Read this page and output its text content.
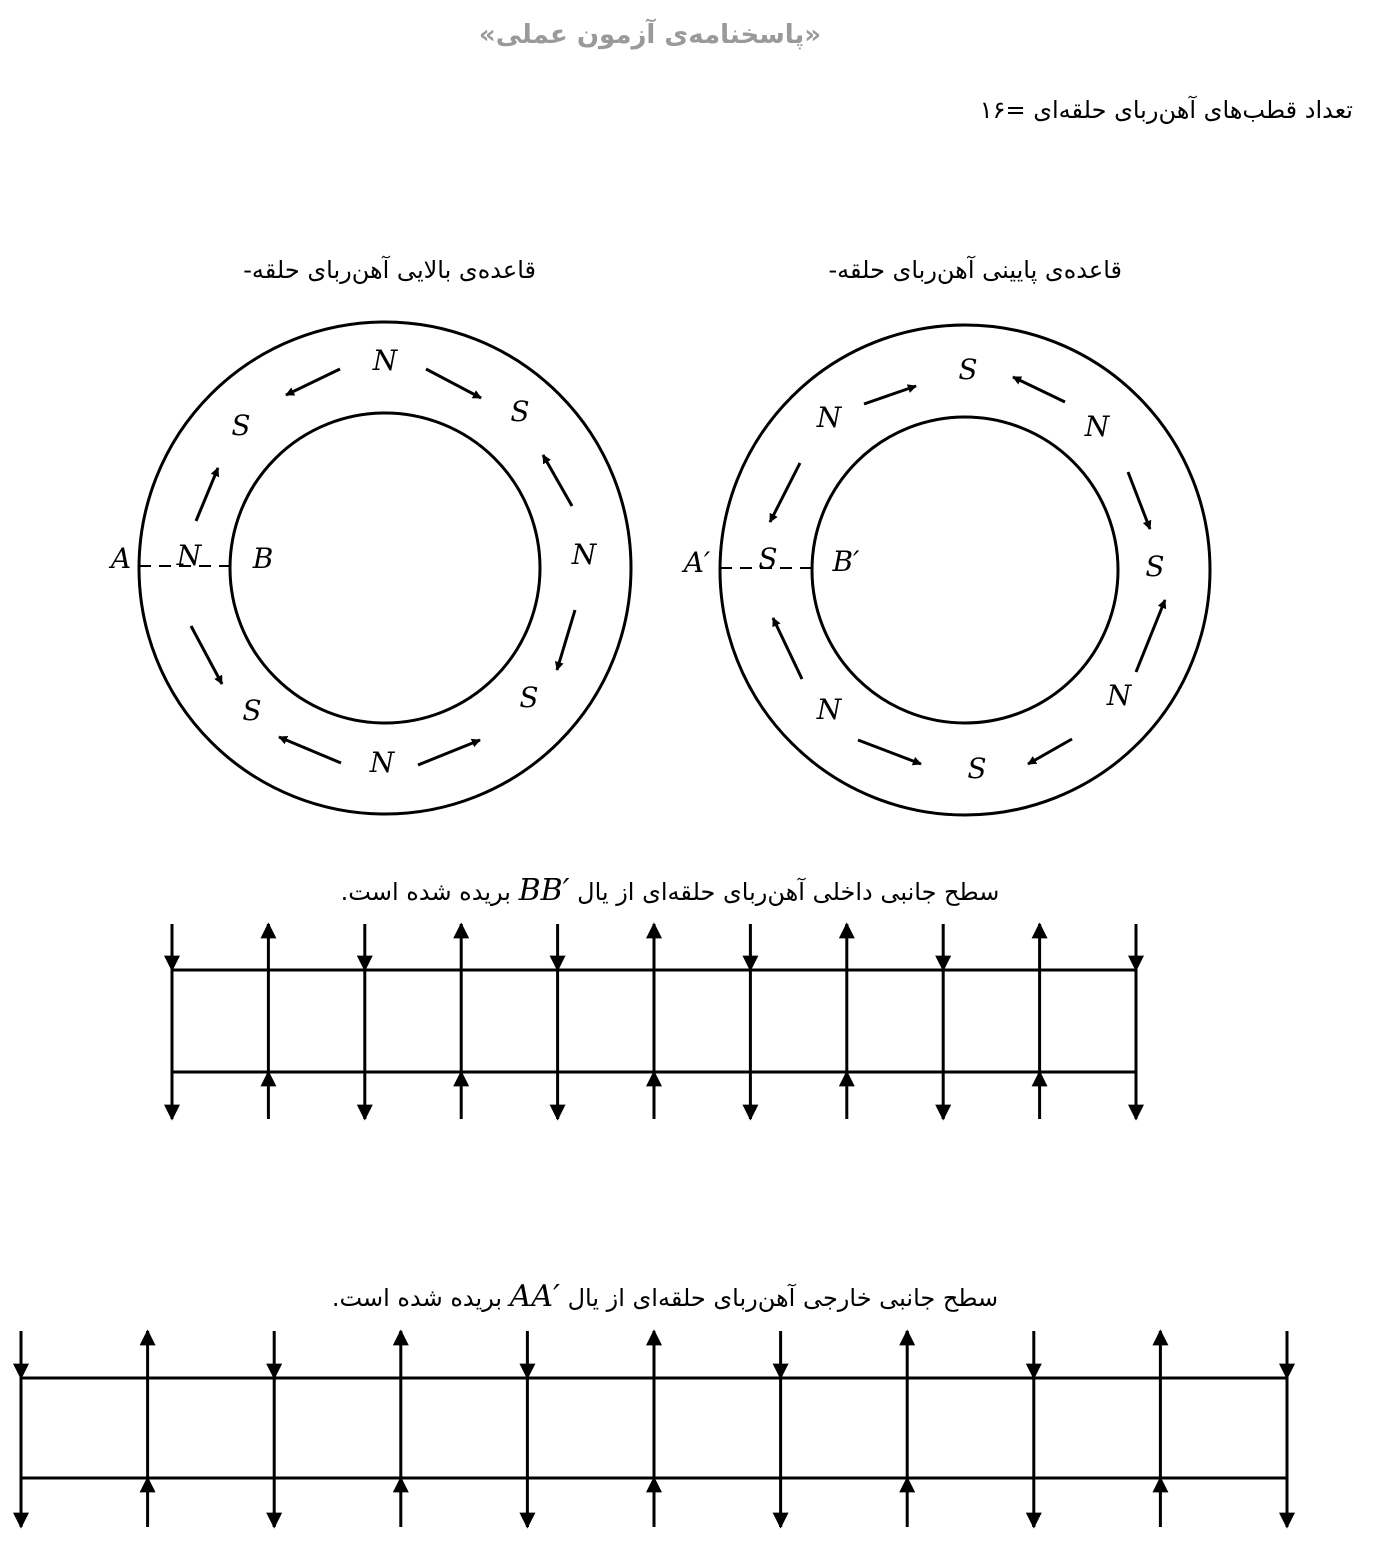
«پاسخنامه‌ی آزمون عملی»
تعداد قطب‌های آهن‌ربای حلقه‌ای =۱۶
قاعده‌ی بالایی آهن‌ربای حلقه-	قاعده‌ی پایینی آهن‌ربای حلقه-
سطح جانبی داخلی آهن‌ربای حلقه‌ای از یال BB′ بریده شده است.
سطح جانبی خارجی آهن‌ربای حلقه‌ای از یال AA′ بریده شده است.
N
S
N
S
N
S
N
S
A	B
S
N
S
N
S
N
S
N
A′	B′
